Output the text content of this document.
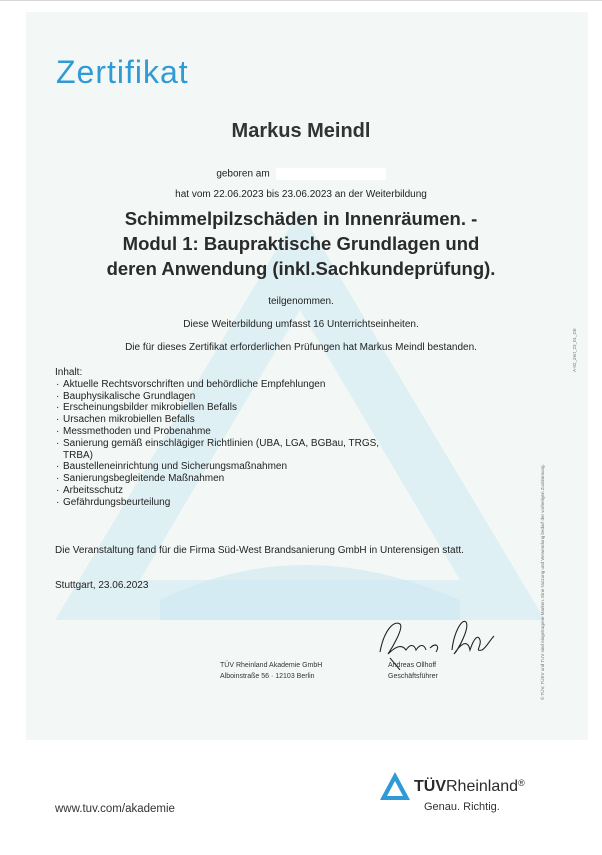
Zertifikat
Markus Meindl
geboren am
hat vom 22.06.2023 bis 23.06.2023 an der Weiterbildung
Schimmelpilzschäden in Innenräumen. -
Modul 1: Baupraktische Grundlagen und
deren Anwendung (inkl.Sachkundeprüfung).
teilgenommen.
Diese Weiterbildung umfasst 16 Unterrichtseinheiten.
Die für dieses Zertifikat erforderlichen Prüfungen hat Markus Meindl bestanden.
Inhalt:
· Aktuelle Rechtsvorschriften und behördliche Empfehlungen
· Bauphysikalische Grundlagen
· Erscheinungsbilder mikrobiellen Befalls
· Ursachen mikrobiellen Befalls
· Messmethoden und Probenahme
· Sanierung gemäß einschlägiger Richtlinien (UBA, LGA, BGBau, TRGS, TRBA)
· Baustelleneinrichtung und Sicherungsmaßnahmen
· Sanierungsbegleitende Maßnahmen
· Arbeitsschutz
· Gefährdungsbeurteilung
Die Veranstaltung fand für die Firma Süd-West Brandsanierung GmbH in Unterensigen statt.
Stuttgart, 23.06.2023
TÜV Rheinland Akademie GmbH
Alboinstraße 56 · 12103 Berlin
Andreas Ollhoff
Geschäftsführer
A-02_Zert_23_01_DE
© TÜV, TÜEV und TUV sind eingetragene Marken. Eine Nutzung und Verwendung bedarf der vorherigen Zustimmung.
www.tuv.com/akademie
TÜVRheinland®
Genau. Richtig.
